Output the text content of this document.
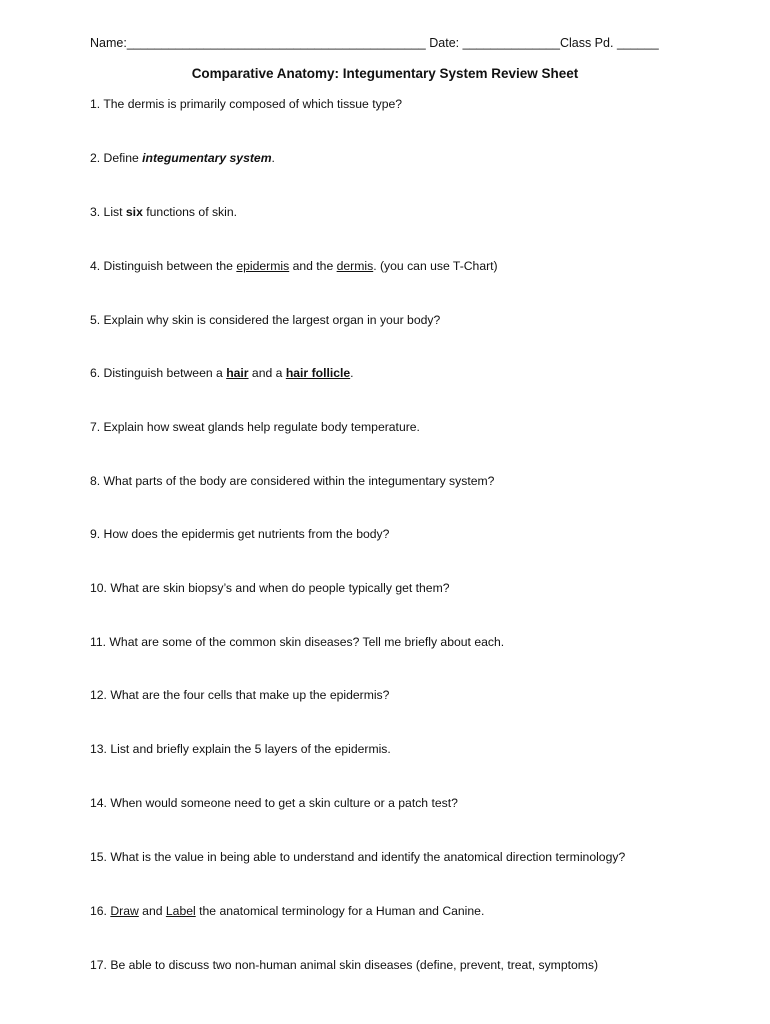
Name:___________________________________________ Date: ______________Class Pd. ______
Comparative Anatomy: Integumentary System Review Sheet
1. The dermis is primarily composed of which tissue type?
2. Define integumentary system.
3. List six functions of skin.
4. Distinguish between the epidermis and the dermis. (you can use T-Chart)
5. Explain why skin is considered the largest organ in your body?
6. Distinguish between a hair and a hair follicle.
7. Explain how sweat glands help regulate body temperature.
8. What parts of the body are considered within the integumentary system?
9. How does the epidermis get nutrients from the body?
10. What are skin biopsy’s and when do people typically get them?
11. What are some of the common skin diseases? Tell me briefly about each.
12. What are the four cells that make up the epidermis?
13. List and briefly explain the 5 layers of the epidermis.
14. When would someone need to get a skin culture or a patch test?
15. What is the value in being able to understand and identify the anatomical direction terminology?
16. Draw and Label the anatomical terminology for a Human and Canine.
17. Be able to discuss two non-human animal skin diseases (define, prevent, treat, symptoms)
